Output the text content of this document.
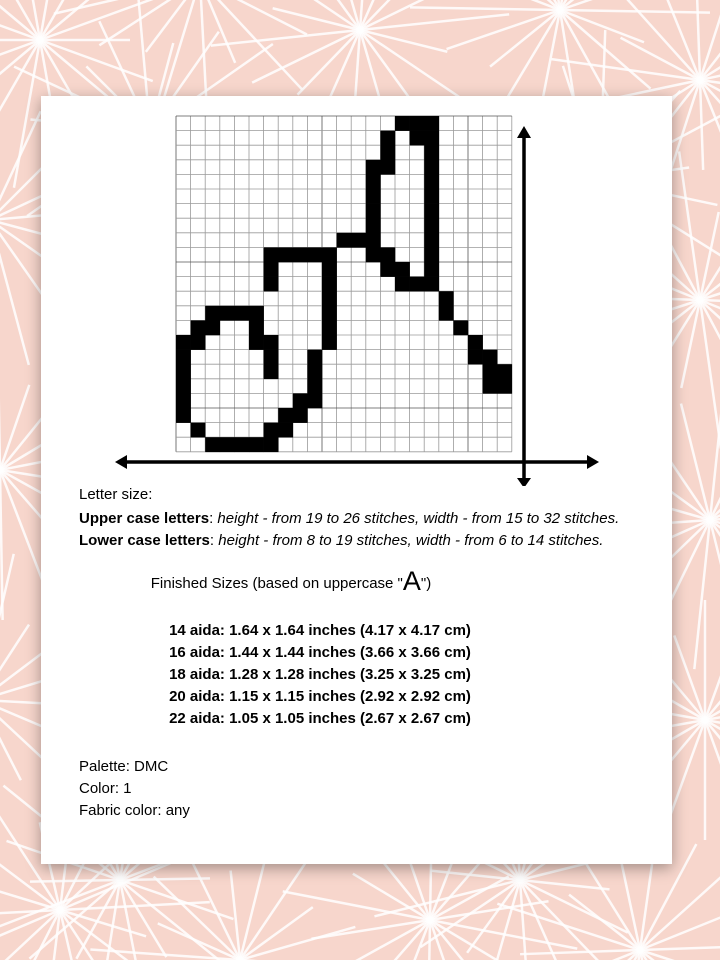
Letter size:
Upper case letters: height - from 19 to 26 stitches, width - from 15 to 32 stitches.
Lower case letters: height - from 8 to 19 stitches, width - from 6 to 14 stitches.
Finished Sizes (based on uppercase "A")
14 aida: 1.64 x 1.64 inches (4.17 x 4.17 cm)
16 aida: 1.44 x 1.44 inches (3.66 x 3.66 cm)
18 aida: 1.28 x 1.28 inches (3.25 x 3.25 cm)
20 aida: 1.15 x 1.15 inches (2.92 x 2.92 cm)
22 aida: 1.05 x 1.05 inches (2.67 x 2.67 cm)
Palette: DMC
Color: 1
Fabric color: any
